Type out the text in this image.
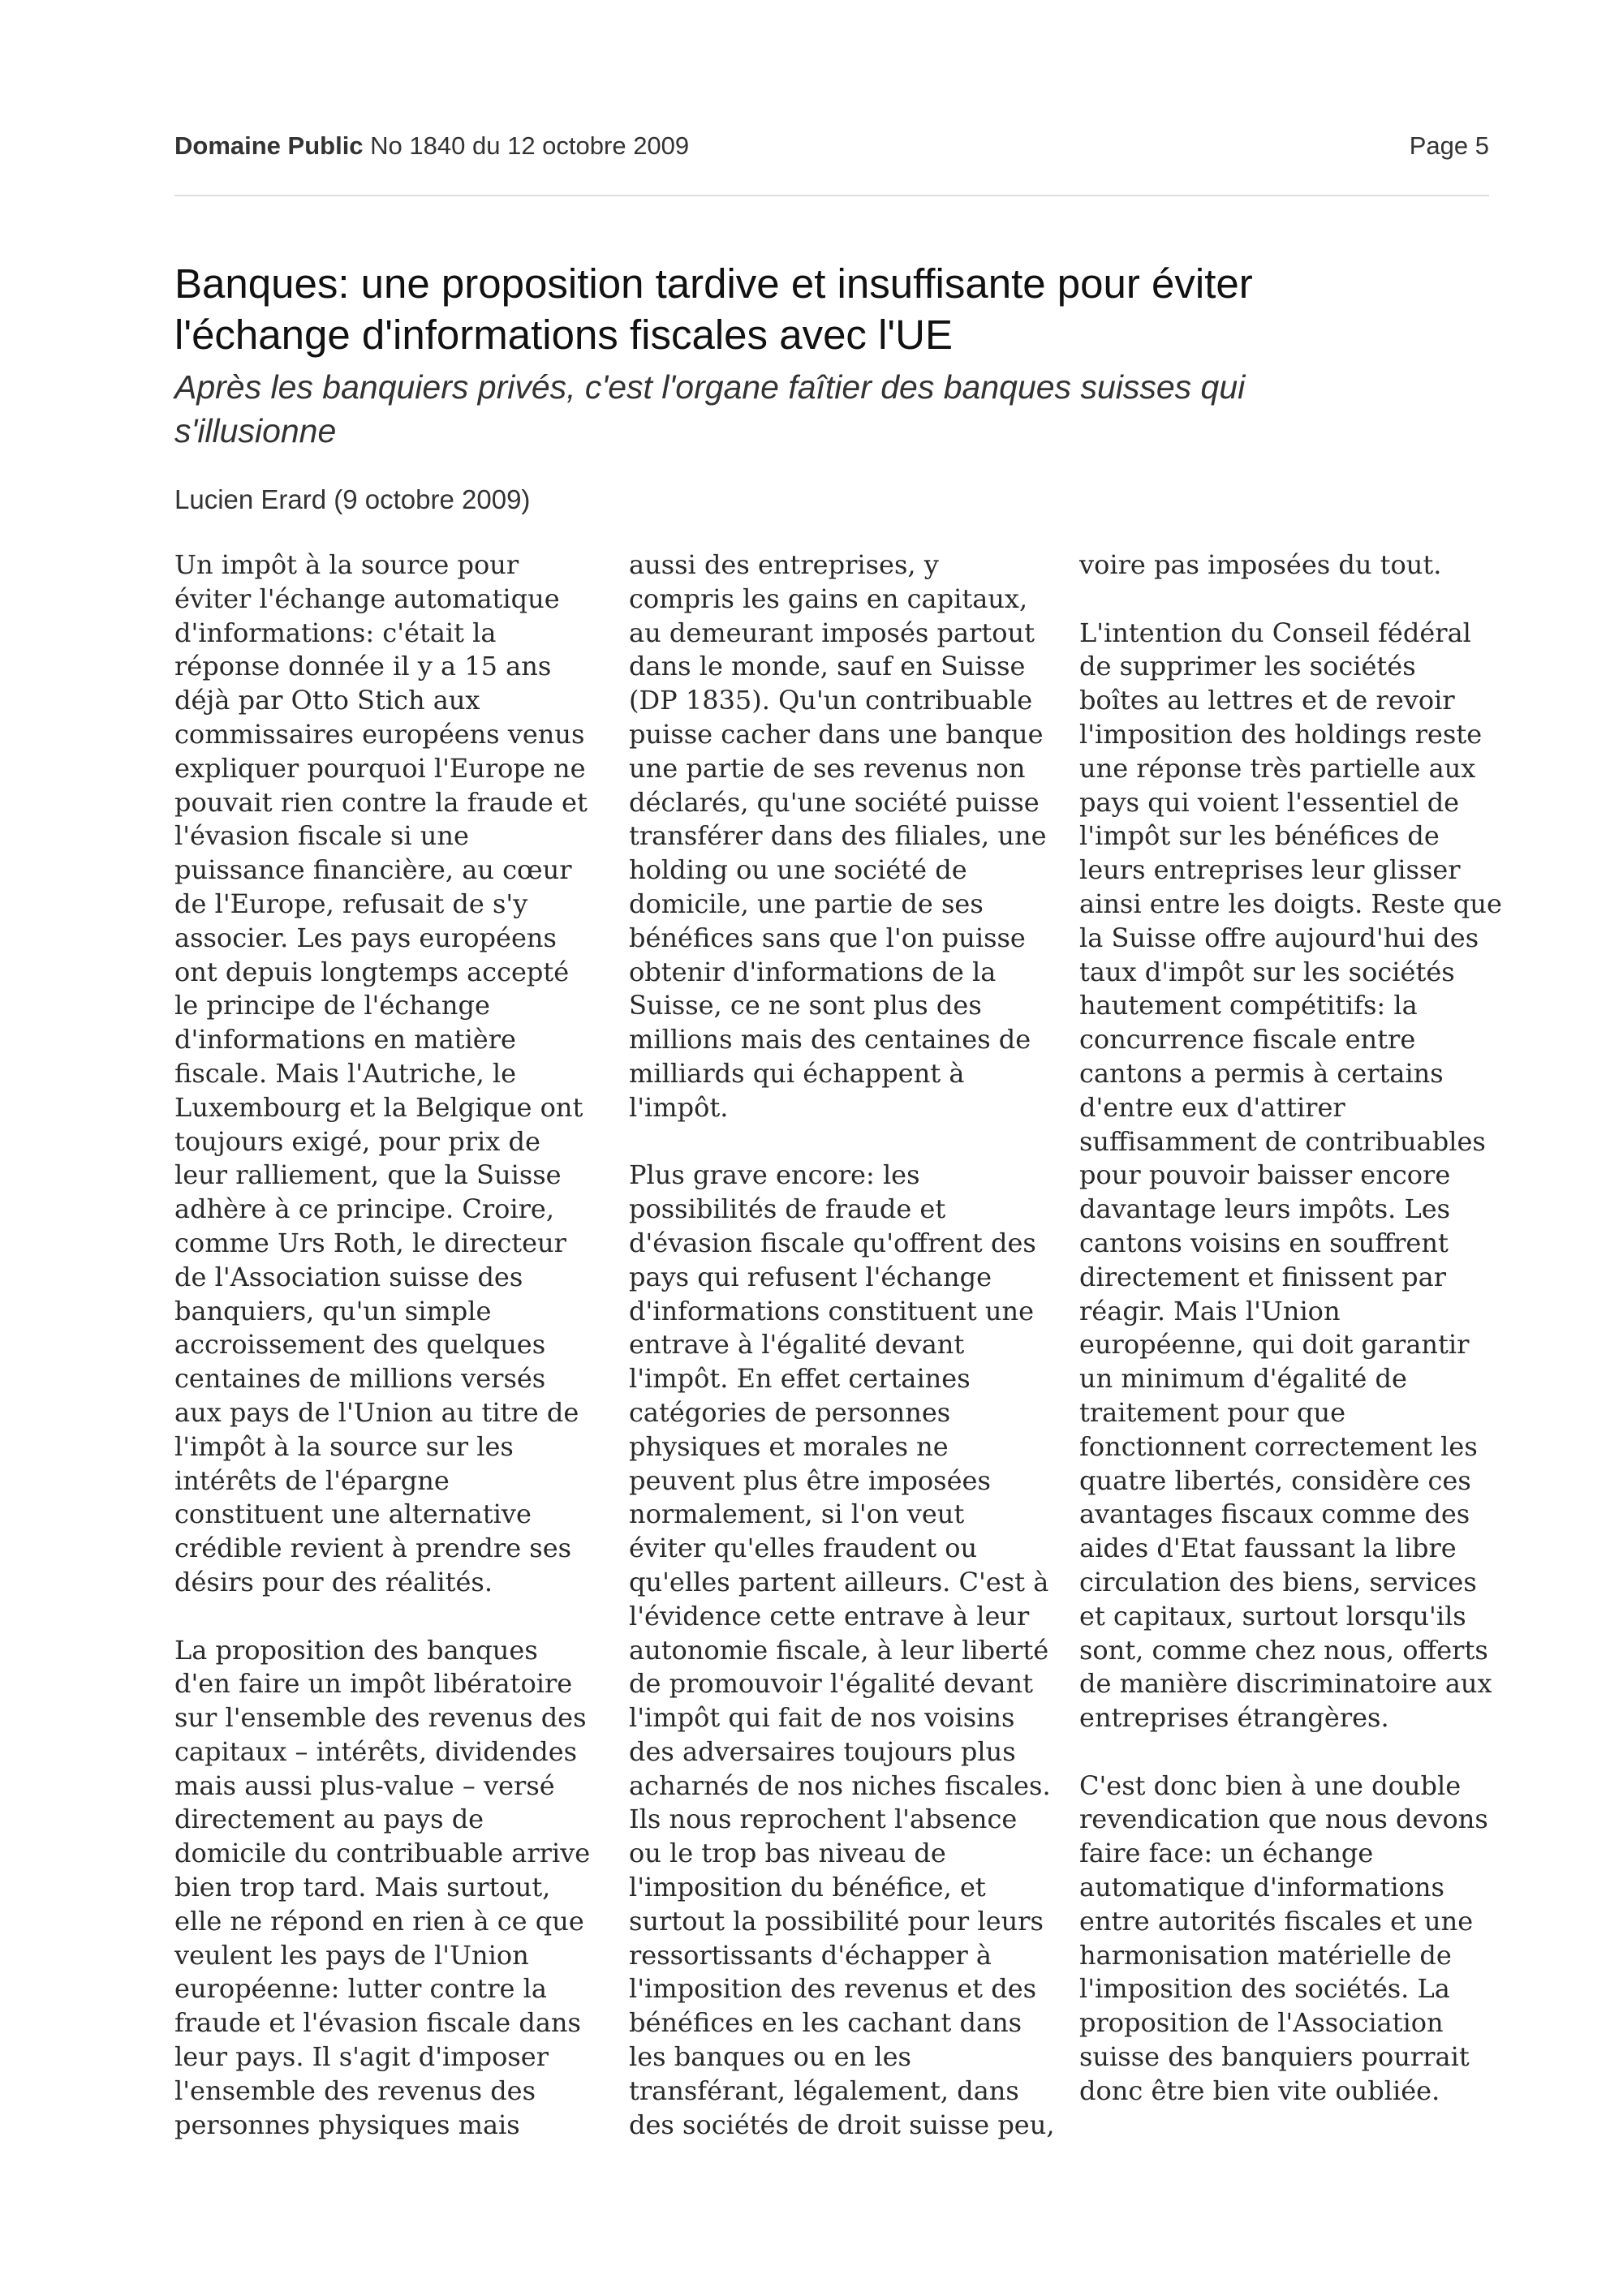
Domaine Public No 1840 du 12 octobre 2009	Page 5
Banques: une proposition tardive et insuffisante pour éviter
l'échange d'informations fiscales avec l'UE

Après les banquiers privés, c'est l'organe faîtier des banques suisses qui
s'illusionne

Lucien Erard (9 octobre 2009)

Un impôt à la source pour
éviter l'échange automatique
d'informations: c'était la
réponse donnée il y a 15 ans
déjà par Otto Stich aux
commissaires européens venus
expliquer pourquoi l'Europe ne
pouvait rien contre la fraude et
l'évasion fiscale si une
puissance financière, au cœur
de l'Europe, refusait de s'y
associer. Les pays européens
ont depuis longtemps accepté
le principe de l'échange
d'informations en matière
fiscale. Mais l'Autriche, le
Luxembourg et la Belgique ont
toujours exigé, pour prix de
leur ralliement, que la Suisse
adhère à ce principe. Croire,
comme Urs Roth, le directeur
de l'Association suisse des
banquiers, qu'un simple
accroissement des quelques
centaines de millions versés
aux pays de l'Union au titre de
l'impôt à la source sur les
intérêts de l'épargne
constituent une alternative
crédible revient à prendre ses
désirs pour des réalités.

La proposition des banques
d'en faire un impôt libératoire
sur l'ensemble des revenus des
capitaux – intérêts, dividendes
mais aussi plus-value – versé
directement au pays de
domicile du contribuable arrive
bien trop tard. Mais surtout,
elle ne répond en rien à ce que
veulent les pays de l'Union
européenne: lutter contre la
fraude et l'évasion fiscale dans
leur pays. Il s'agit d'imposer
l'ensemble des revenus des
personnes physiques mais

aussi des entreprises, y
compris les gains en capitaux,
au demeurant imposés partout
dans le monde, sauf en Suisse
(DP 1835). Qu'un contribuable
puisse cacher dans une banque
une partie de ses revenus non
déclarés, qu'une société puisse
transférer dans des filiales, une
holding ou une société de
domicile, une partie de ses
bénéfices sans que l'on puisse
obtenir d'informations de la
Suisse, ce ne sont plus des
millions mais des centaines de
milliards qui échappent à
l'impôt.

Plus grave encore: les
possibilités de fraude et
d'évasion fiscale qu'offrent des
pays qui refusent l'échange
d'informations constituent une
entrave à l'égalité devant
l'impôt. En effet certaines
catégories de personnes
physiques et morales ne
peuvent plus être imposées
normalement, si l'on veut
éviter qu'elles fraudent ou
qu'elles partent ailleurs. C'est à
l'évidence cette entrave à leur
autonomie fiscale, à leur liberté
de promouvoir l'égalité devant
l'impôt qui fait de nos voisins
des adversaires toujours plus
acharnés de nos niches fiscales.
Ils nous reprochent l'absence
ou le trop bas niveau de
l'imposition du bénéfice, et
surtout la possibilité pour leurs
ressortissants d'échapper à
l'imposition des revenus et des
bénéfices en les cachant dans
les banques ou en les
transférant, légalement, dans
des sociétés de droit suisse peu,

voire pas imposées du tout.

L'intention du Conseil fédéral
de supprimer les sociétés
boîtes au lettres et de revoir
l'imposition des holdings reste
une réponse très partielle aux
pays qui voient l'essentiel de
l'impôt sur les bénéfices de
leurs entreprises leur glisser
ainsi entre les doigts. Reste que
la Suisse offre aujourd'hui des
taux d'impôt sur les sociétés
hautement compétitifs: la
concurrence fiscale entre
cantons a permis à certains
d'entre eux d'attirer
suffisamment de contribuables
pour pouvoir baisser encore
davantage leurs impôts. Les
cantons voisins en souffrent
directement et finissent par
réagir. Mais l'Union
européenne, qui doit garantir
un minimum d'égalité de
traitement pour que
fonctionnent correctement les
quatre libertés, considère ces
avantages fiscaux comme des
aides d'Etat faussant la libre
circulation des biens, services
et capitaux, surtout lorsqu'ils
sont, comme chez nous, offerts
de manière discriminatoire aux
entreprises étrangères.

C'est donc bien à une double
revendication que nous devons
faire face: un échange
automatique d'informations
entre autorités fiscales et une
harmonisation matérielle de
l'imposition des sociétés. La
proposition de l'Association
suisse des banquiers pourrait
donc être bien vite oubliée.
